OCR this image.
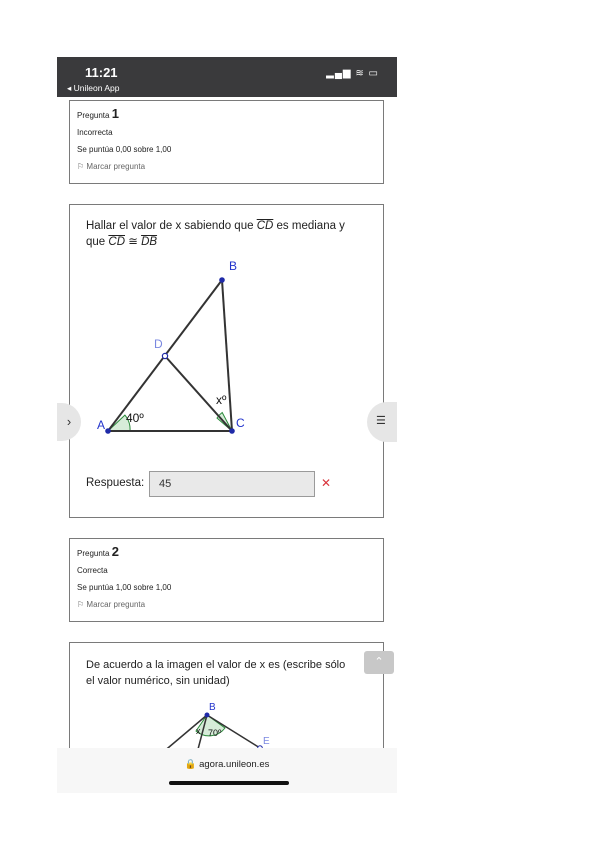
11:21
◂ Unileon App
▂▄▆ ≋ ▭
Pregunta 1
Incorrecta
Se puntúa 0,00 sobre 1,00
⚐ Marcar pregunta
Hallar el valor de x sabiendo que $\overline{CD}$ es mediana y
que $\overline{CD}$ ≅ $\overline{DB}$
A
B
C
D
40º
xº
Respuesta:
45	✕
Pregunta 2
Correcta
Se puntúa 1,00 sobre 1,00
⚐ Marcar pregunta
De acuerdo a la imagen el valor de x es (escribe sólo
el valor numérico, sin unidad)
B
E
x 70º
›	☰
⌃
🔒 agora.unileon.es
